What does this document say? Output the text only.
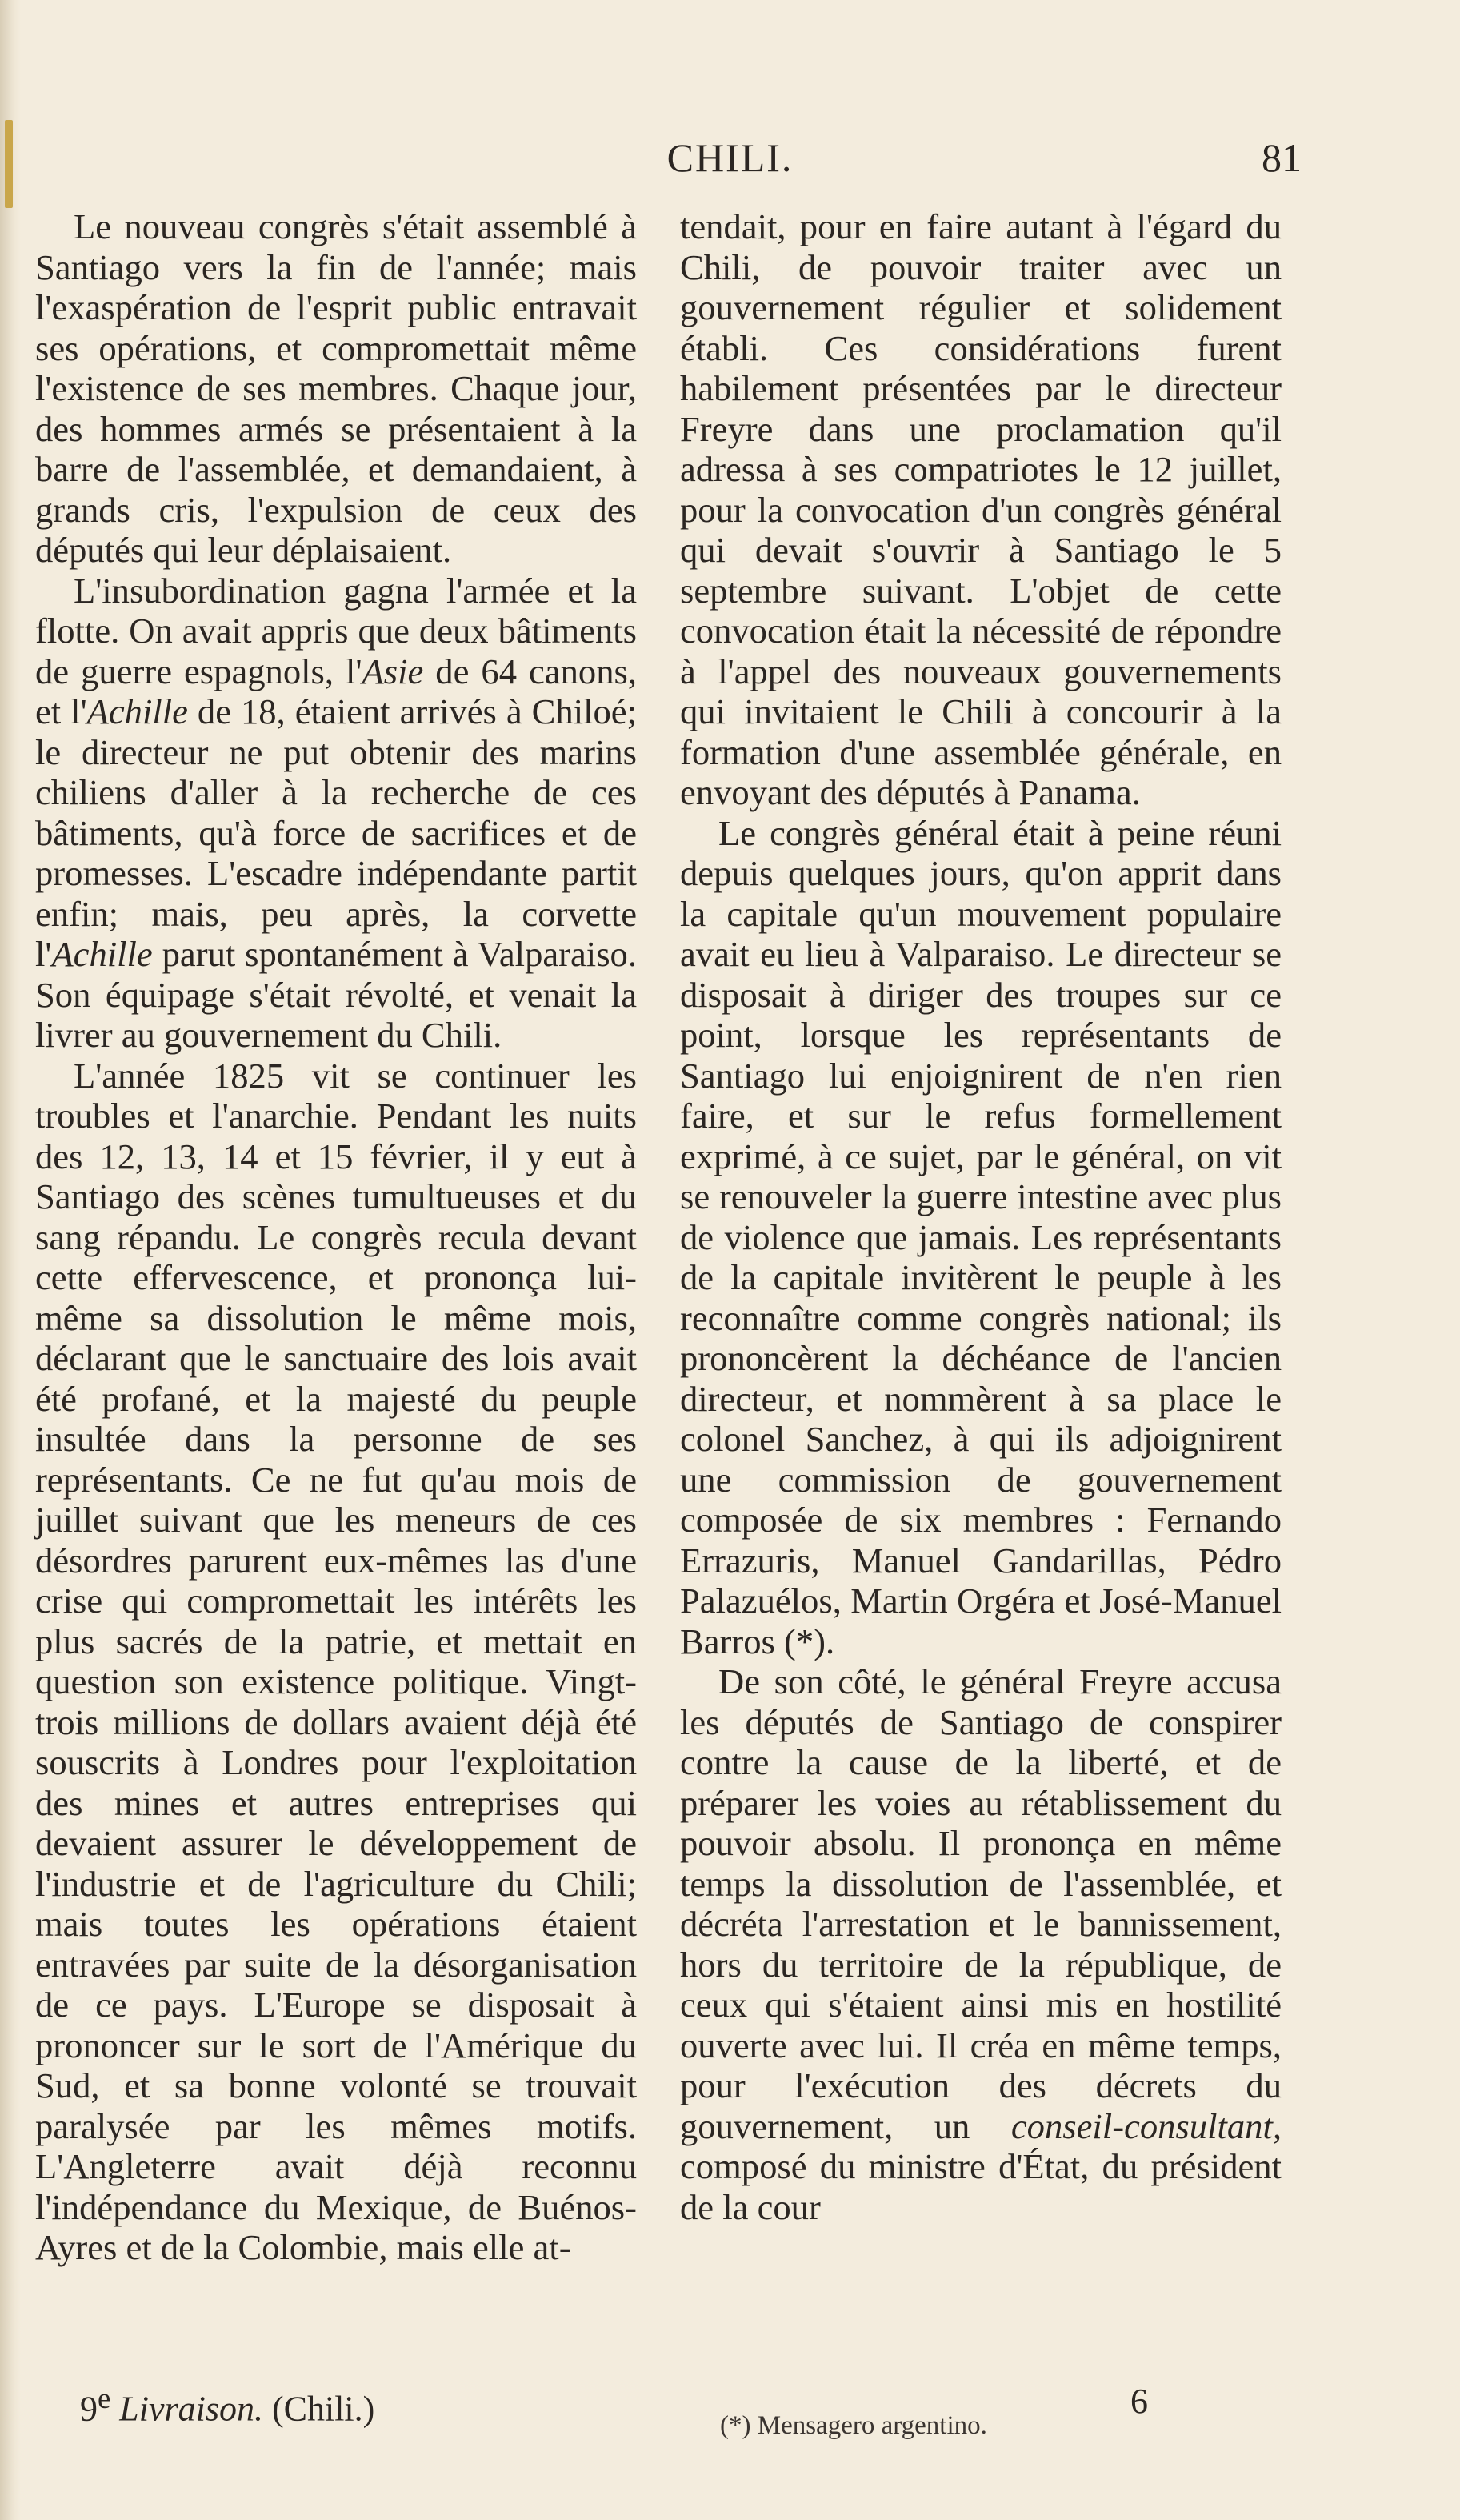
CHILI.	81

Le nouveau congrès s'était assemblé à Santiago vers la fin de l'année; mais l'exaspération de l'esprit public entravait ses opérations, et compromettait même l'existence de ses membres. Chaque jour, des hommes armés se présentaient à la barre de l'assemblée, et demandaient, à grands cris, l'expulsion de ceux des députés qui leur déplaisaient.

L'insubordination gagna l'armée et la flotte. On avait appris que deux bâtiments de guerre espagnols, l'Asie de 64 canons, et l'Achille de 18, étaient arrivés à Chiloé; le directeur ne put obtenir des marins chiliens d'aller à la recherche de ces bâtiments, qu'à force de sacrifices et de promesses. L'escadre indépendante partit enfin; mais, peu après, la corvette l'Achille parut spontanément à Valparaiso. Son équipage s'était révolté, et venait la livrer au gouvernement du Chili.

L'année 1825 vit se continuer les troubles et l'anarchie. Pendant les nuits des 12, 13, 14 et 15 février, il y eut à Santiago des scènes tumultueuses et du sang répandu. Le congrès recula devant cette effervescence, et prononça lui-même sa dissolution le même mois, déclarant que le sanctuaire des lois avait été profané, et la majesté du peuple insultée dans la personne de ses représentants. Ce ne fut qu'au mois de juillet suivant que les meneurs de ces désordres parurent eux-mêmes las d'une crise qui compromettait les intérêts les plus sacrés de la patrie, et mettait en question son existence politique. Vingt-trois millions de dollars avaient déjà été souscrits à Londres pour l'exploitation des mines et autres entreprises qui devaient assurer le développement de l'industrie et de l'agriculture du Chili; mais toutes les opérations étaient entravées par suite de la désorganisation de ce pays. L'Europe se disposait à prononcer sur le sort de l'Amérique du Sud, et sa bonne volonté se trouvait paralysée par les mêmes motifs. L'Angleterre avait déjà reconnu l'indépendance du Mexique, de Buénos-Ayres et de la Colombie, mais elle at-

tendait, pour en faire autant à l'égard du Chili, de pouvoir traiter avec un gouvernement régulier et solidement établi. Ces considérations furent habilement présentées par le directeur Freyre dans une proclamation qu'il adressa à ses compatriotes le 12 juillet, pour la convocation d'un congrès général qui devait s'ouvrir à Santiago le 5 septembre suivant. L'objet de cette convocation était la nécessité de répondre à l'appel des nouveaux gouvernements qui invitaient le Chili à concourir à la formation d'une assemblée générale, en envoyant des députés à Panama.

Le congrès général était à peine réuni depuis quelques jours, qu'on apprit dans la capitale qu'un mouvement populaire avait eu lieu à Valparaiso. Le directeur se disposait à diriger des troupes sur ce point, lorsque les représentants de Santiago lui enjoignirent de n'en rien faire, et sur le refus formellement exprimé, à ce sujet, par le général, on vit se renouveler la guerre intestine avec plus de violence que jamais. Les représentants de la capitale invitèrent le peuple à les reconnaître comme congrès national; ils prononcèrent la déchéance de l'ancien directeur, et nommèrent à sa place le colonel Sanchez, à qui ils adjoignirent une commission de gouvernement composée de six membres : Fernando Errazuris, Manuel Gandarillas, Pédro Palazuélos, Martin Orgéra et José-Manuel Barros (*).

De son côté, le général Freyre accusa les députés de Santiago de conspirer contre la cause de la liberté, et de préparer les voies au rétablissement du pouvoir absolu. Il prononça en même temps la dissolution de l'assemblée, et décréta l'arrestation et le bannissement, hors du territoire de la république, de ceux qui s'étaient ainsi mis en hostilité ouverte avec lui. Il créa en même temps, pour l'exécution des décrets du gouvernement, un conseil-consultant, composé du ministre d'État, du président de la cour

9e Livraison. (Chili.)	6
(*) Mensagero argentino.
